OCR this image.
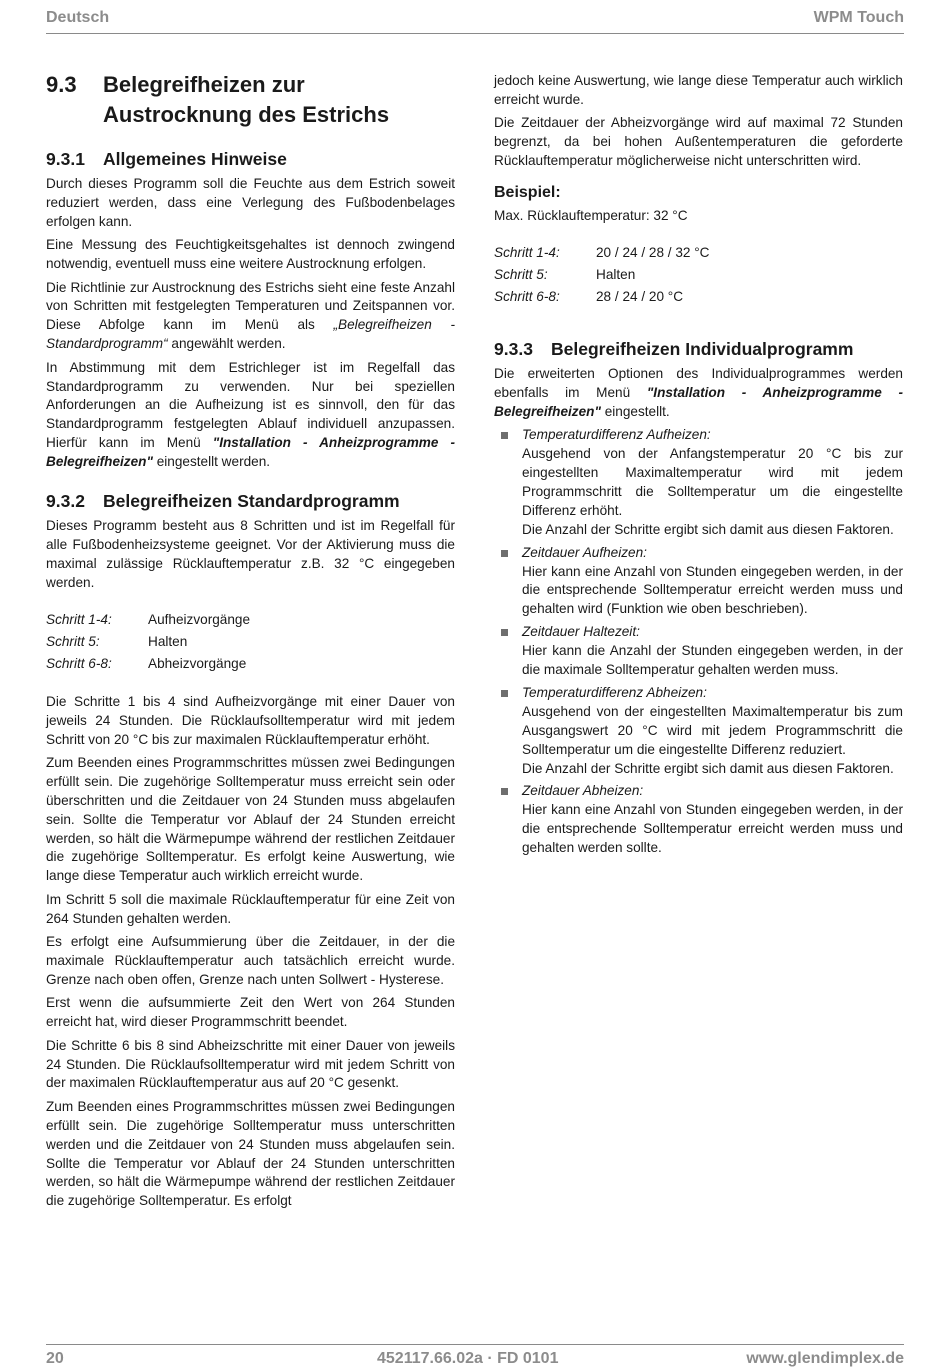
Deutsch	WPM Touch
9.3	Belegreifheizen zur
Austrocknung des Estrichs
9.3.1	Allgemeines Hinweise

Durch dieses Programm soll die Feuchte aus dem Estrich soweit reduziert werden, dass eine Verlegung des Fußbodenbelages erfolgen kann.

Eine Messung des Feuchtigkeitsgehaltes ist dennoch zwingend notwendig, eventuell muss eine weitere Austrocknung erfolgen.

Die Richtlinie zur Austrocknung des Estrichs sieht eine feste Anzahl von Schritten mit festgelegten Temperaturen und Zeitspannen vor. Diese Abfolge kann im Menü als „Belegreifheizen - Standardprogramm“ angewählt werden.

In Abstimmung mit dem Estrichleger ist im Regelfall das Standardprogramm zu verwenden. Nur bei speziellen Anforderungen an die Aufheizung ist es sinnvoll, den für das Standardprogramm festgelegten Ablauf individuell anzupassen. Hierfür kann im Menü "Installation - Anheizprogramme - Belegreifheizen" eingestellt werden.

9.3.2	Belegreifheizen Standardprogramm

Dieses Programm besteht aus 8 Schritten und ist im Regelfall für alle Fußbodenheizsysteme geeignet. Vor der Aktivierung muss die maximal zulässige Rücklauftemperatur z.B. 32 °C eingegeben werden.

Schritt 1-4:	Aufheizvorgänge
Schritt 5:	Halten
Schritt 6-8:	Abheizvorgänge

Die Schritte 1 bis 4 sind Aufheizvorgänge mit einer Dauer von jeweils 24 Stunden. Die Rücklaufsolltemperatur wird mit jedem Schritt von 20 °C bis zur maximalen Rücklauftemperatur erhöht.

Zum Beenden eines Programmschrittes müssen zwei Bedingungen erfüllt sein. Die zugehörige Solltemperatur muss erreicht sein oder überschritten und die Zeitdauer von 24 Stunden muss abgelaufen sein. Sollte die Temperatur vor Ablauf der 24 Stunden erreicht werden, so hält die Wärmepumpe während der restlichen Zeitdauer die zugehörige Solltemperatur. Es erfolgt keine Auswertung, wie lange diese Temperatur auch wirklich erreicht wurde.

Im Schritt 5 soll die maximale Rücklauftemperatur für eine Zeit von 264 Stunden gehalten werden.

Es erfolgt eine Aufsummierung über die Zeitdauer, in der die maximale Rücklauftemperatur auch tatsächlich erreicht wurde. Grenze nach oben offen, Grenze nach unten Sollwert - Hysterese.

Erst wenn die aufsummierte Zeit den Wert von 264 Stunden erreicht hat, wird dieser Programmschritt beendet.

Die Schritte 6 bis 8 sind Abheizschritte mit einer Dauer von jeweils 24 Stunden. Die Rücklaufsolltemperatur wird mit jedem Schritt von der maximalen Rücklauftemperatur aus auf 20 °C gesenkt.

Zum Beenden eines Programmschrittes müssen zwei Bedingungen erfüllt sein. Die zugehörige Solltemperatur muss unterschritten werden und die Zeitdauer von 24 Stunden muss abgelaufen sein. Sollte die Temperatur vor Ablauf der 24 Stunden unterschritten werden, so hält die Wärmepumpe während der restlichen Zeitdauer die zugehörige Solltemperatur. Es erfolgt

jedoch keine Auswertung, wie lange diese Temperatur auch wirklich erreicht wurde.

Die Zeitdauer der Abheizvorgänge wird auf maximal 72 Stunden begrenzt, da bei hohen Außentemperaturen die geforderte Rücklauftemperatur möglicherweise nicht unterschritten wird.

Beispiel:

Max. Rücklauftemperatur: 32 °C

Schritt 1-4:	20 / 24 / 28 / 32 °C
Schritt 5:	Halten
Schritt 6-8:	28 / 24 / 20 °C
9.3.3	Belegreifheizen Individualprogramm

Die erweiterten Optionen des Individualprogrammes werden ebenfalls im Menü "Installation - Anheizprogramme - Belegreifheizen" eingestellt.

Temperaturdifferenz Aufheizen:
Ausgehend von der Anfangstemperatur 20 °C bis zur eingestellten Maximaltemperatur wird mit jedem Programmschritt die Solltemperatur um die eingestellte Differenz erhöht.
Die Anzahl der Schritte ergibt sich damit aus diesen Faktoren.
Zeitdauer Aufheizen:
Hier kann eine Anzahl von Stunden eingegeben werden, in der die entsprechende Solltemperatur erreicht werden muss und gehalten wird (Funktion wie oben beschrieben).
Zeitdauer Haltezeit:
Hier kann die Anzahl der Stunden eingegeben werden, in der die maximale Solltemperatur gehalten werden muss.
Temperaturdifferenz Abheizen:
Ausgehend von der eingestellten Maximaltemperatur bis zum Ausgangswert 20 °C wird mit jedem Programmschritt die Solltemperatur um die eingestellte Differenz reduziert.
Die Anzahl der Schritte ergibt sich damit aus diesen Faktoren.
Zeitdauer Abheizen:
Hier kann eine Anzahl von Stunden eingegeben werden, in der die entsprechende Solltemperatur erreicht werden muss und gehalten werden sollte.
20	452117.66.02a · FD 0101	www.glendimplex.de
